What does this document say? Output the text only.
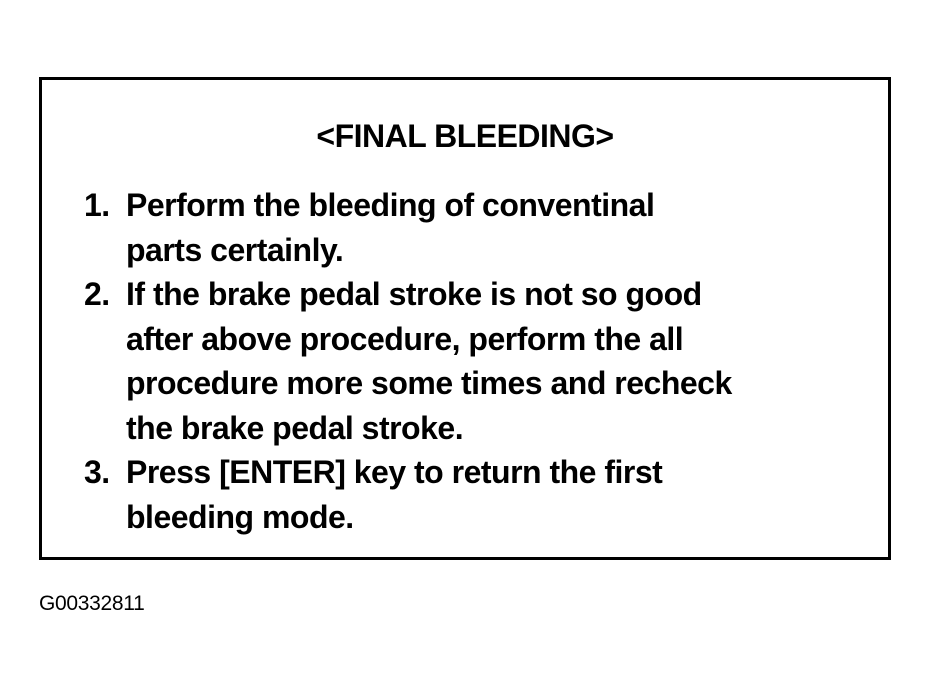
<FINAL BLEEDING>
1. Perform the bleeding of conventinal
parts certainly.
2. If the brake pedal stroke is not so good
after above procedure, perform the all
procedure more some times and recheck
the brake pedal stroke.
3. Press [ENTER] key to return the first
bleeding mode.
G00332811
